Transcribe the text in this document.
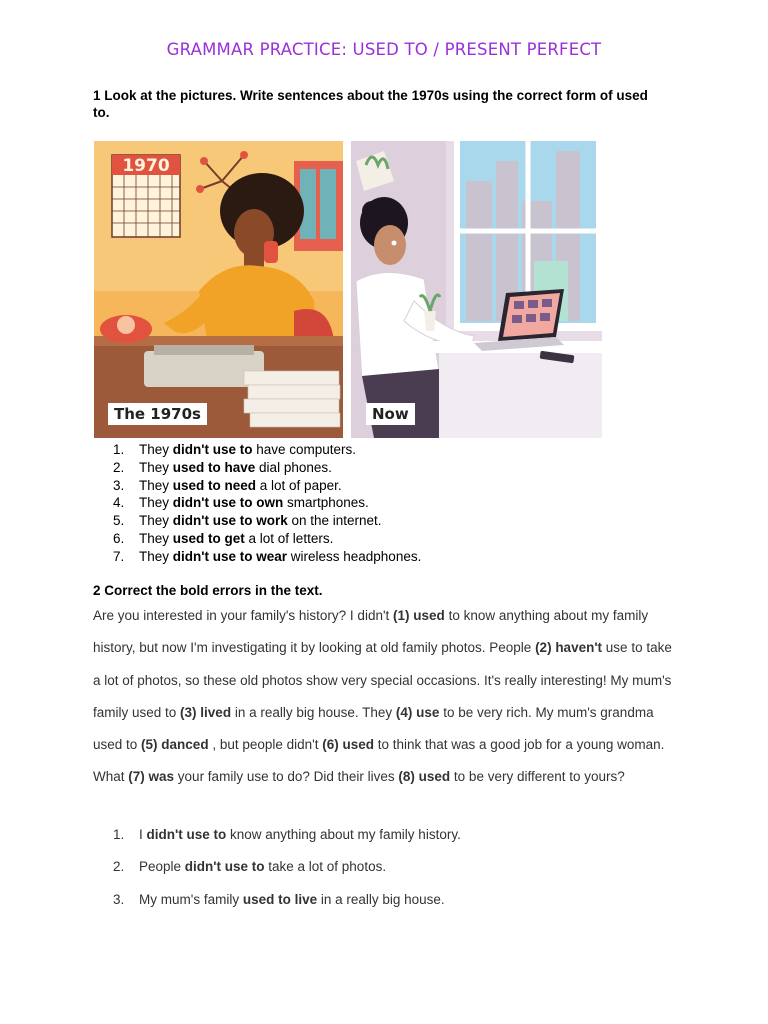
GRAMMAR PRACTICE: USED TO / PRESENT PERFECT
1 Look at the pictures. Write sentences about the 1970s using the correct form of used to.
1970
The 1970s	Now
1.	They didn't use to have computers.
2.	They used to have dial phones.
3.	They used to need a lot of paper.
4.	They didn't use to own smartphones.
5.	They didn't use to work on the internet.
6.	They used to get a lot of letters.
7.	They didn't use to wear wireless headphones.
2 Correct the bold errors in the text.
Are you interested in your family's history? I didn't (1) used to know anything about my family history, but now I'm investigating it by looking at old family photos. People (2) haven't use to take a lot of photos, so these old photos show very special occasions. It's really interesting! My mum's family used to (3) lived in a really big house. They (4) use to be very rich. My mum's grandma used to (5) danced , but people didn't (6) used to think that was a good job for a young woman. What (7) was your family use to do? Did their lives (8) used to be very different to yours?
1.	I didn't use to know anything about my family history.
2.	People didn't use to take a lot of photos.
3.	My mum's family used to live in a really big house.
